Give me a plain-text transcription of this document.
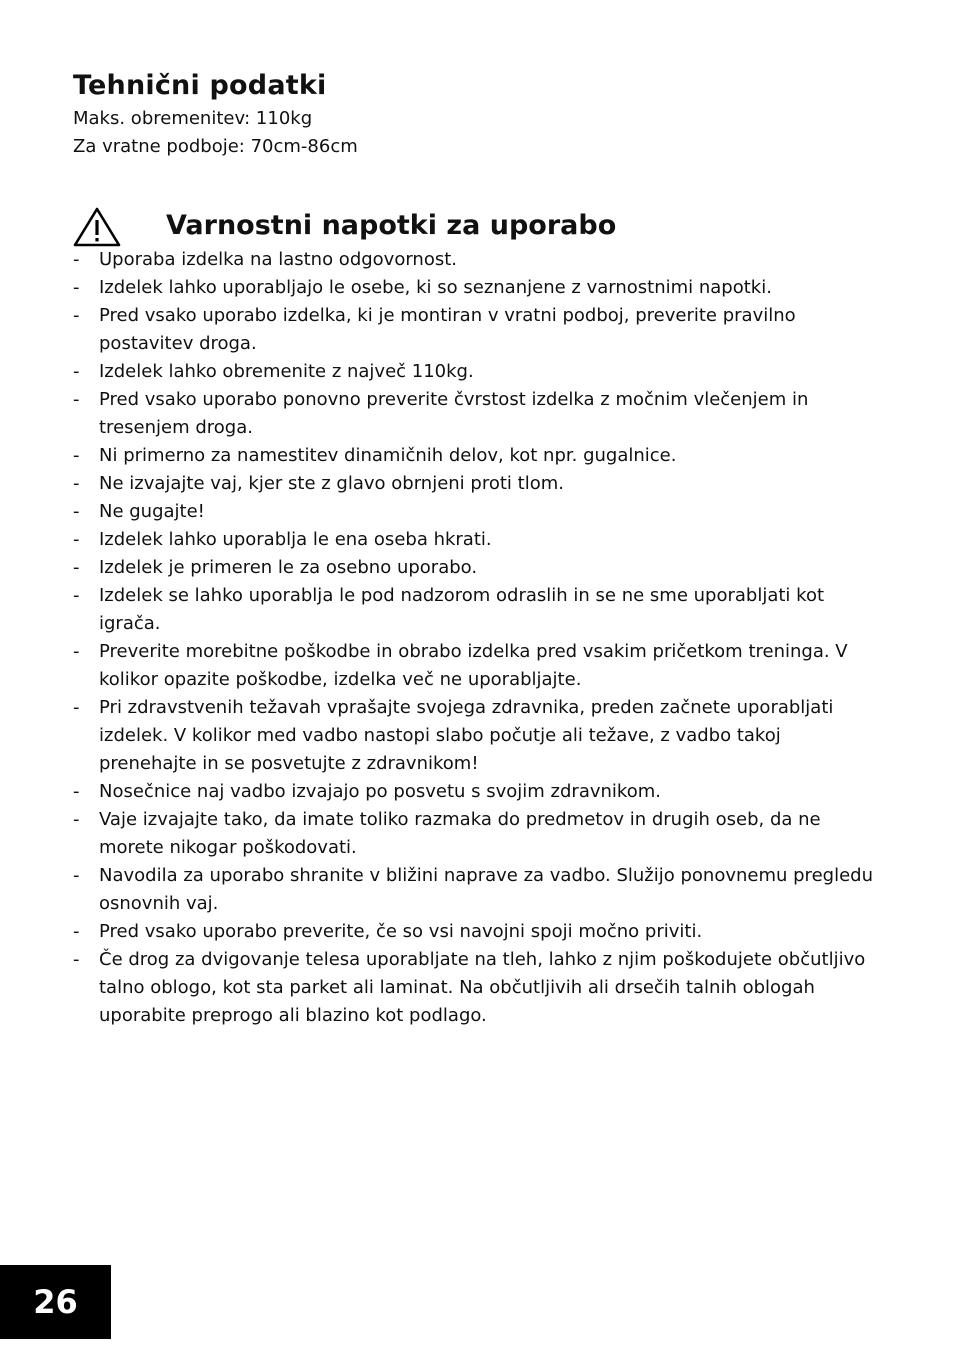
Tehnični podatki
Maks. obremenitev: 110kg
Za vratne podboje: 70cm-86cm
Varnostni napotki za uporabo
- Uporaba izdelka na lastno odgovornost.
- Izdelek lahko uporabljajo le osebe, ki so seznanjene z varnostnimi napotki.
- Pred vsako uporabo izdelka, ki je montiran v vratni podboj, preverite pravilno postavitev droga.
- Izdelek lahko obremenite z največ 110kg.
- Pred vsako uporabo ponovno preverite čvrstost izdelka z močnim vlečenjem in tresenjem droga.
- Ni primerno za namestitev dinamičnih delov, kot npr. gugalnice.
- Ne izvajajte vaj, kjer ste z glavo obrnjeni proti tlom.
- Ne gugajte!
- Izdelek lahko uporablja le ena oseba hkrati.
- Izdelek je primeren le za osebno uporabo.
- Izdelek se lahko uporablja le pod nadzorom odraslih in se ne sme uporabljati kot igrača.
- Preverite morebitne poškodbe in obrabo izdelka pred vsakim pričetkom treninga. V kolikor opazite poškodbe, izdelka več ne uporabljajte.
- Pri zdravstvenih težavah vprašajte svojega zdravnika, preden začnete uporabljati izdelek. V kolikor med vadbo nastopi slabo počutje ali težave, z vadbo takoj prenehajte in se posvetujte z zdravnikom!
- Nosečnice naj vadbo izvajajo po posvetu s svojim zdravnikom.
- Vaje izvajajte tako, da imate toliko razmaka do predmetov in drugih oseb, da ne morete nikogar poškodovati.
- Navodila za uporabo shranite v bližini naprave za vadbo. Služijo ponovnemu pregledu osnovnih vaj.
- Pred vsako uporabo preverite, če so vsi navojni spoji močno priviti.
- Če drog za dvigovanje telesa uporabljate na tleh, lahko z njim poškodujete občutljivo talno oblogo, kot sta parket ali laminat. Na občutljivih ali drsečih talnih oblogah uporabite preprogo ali blazino kot podlago.
26
